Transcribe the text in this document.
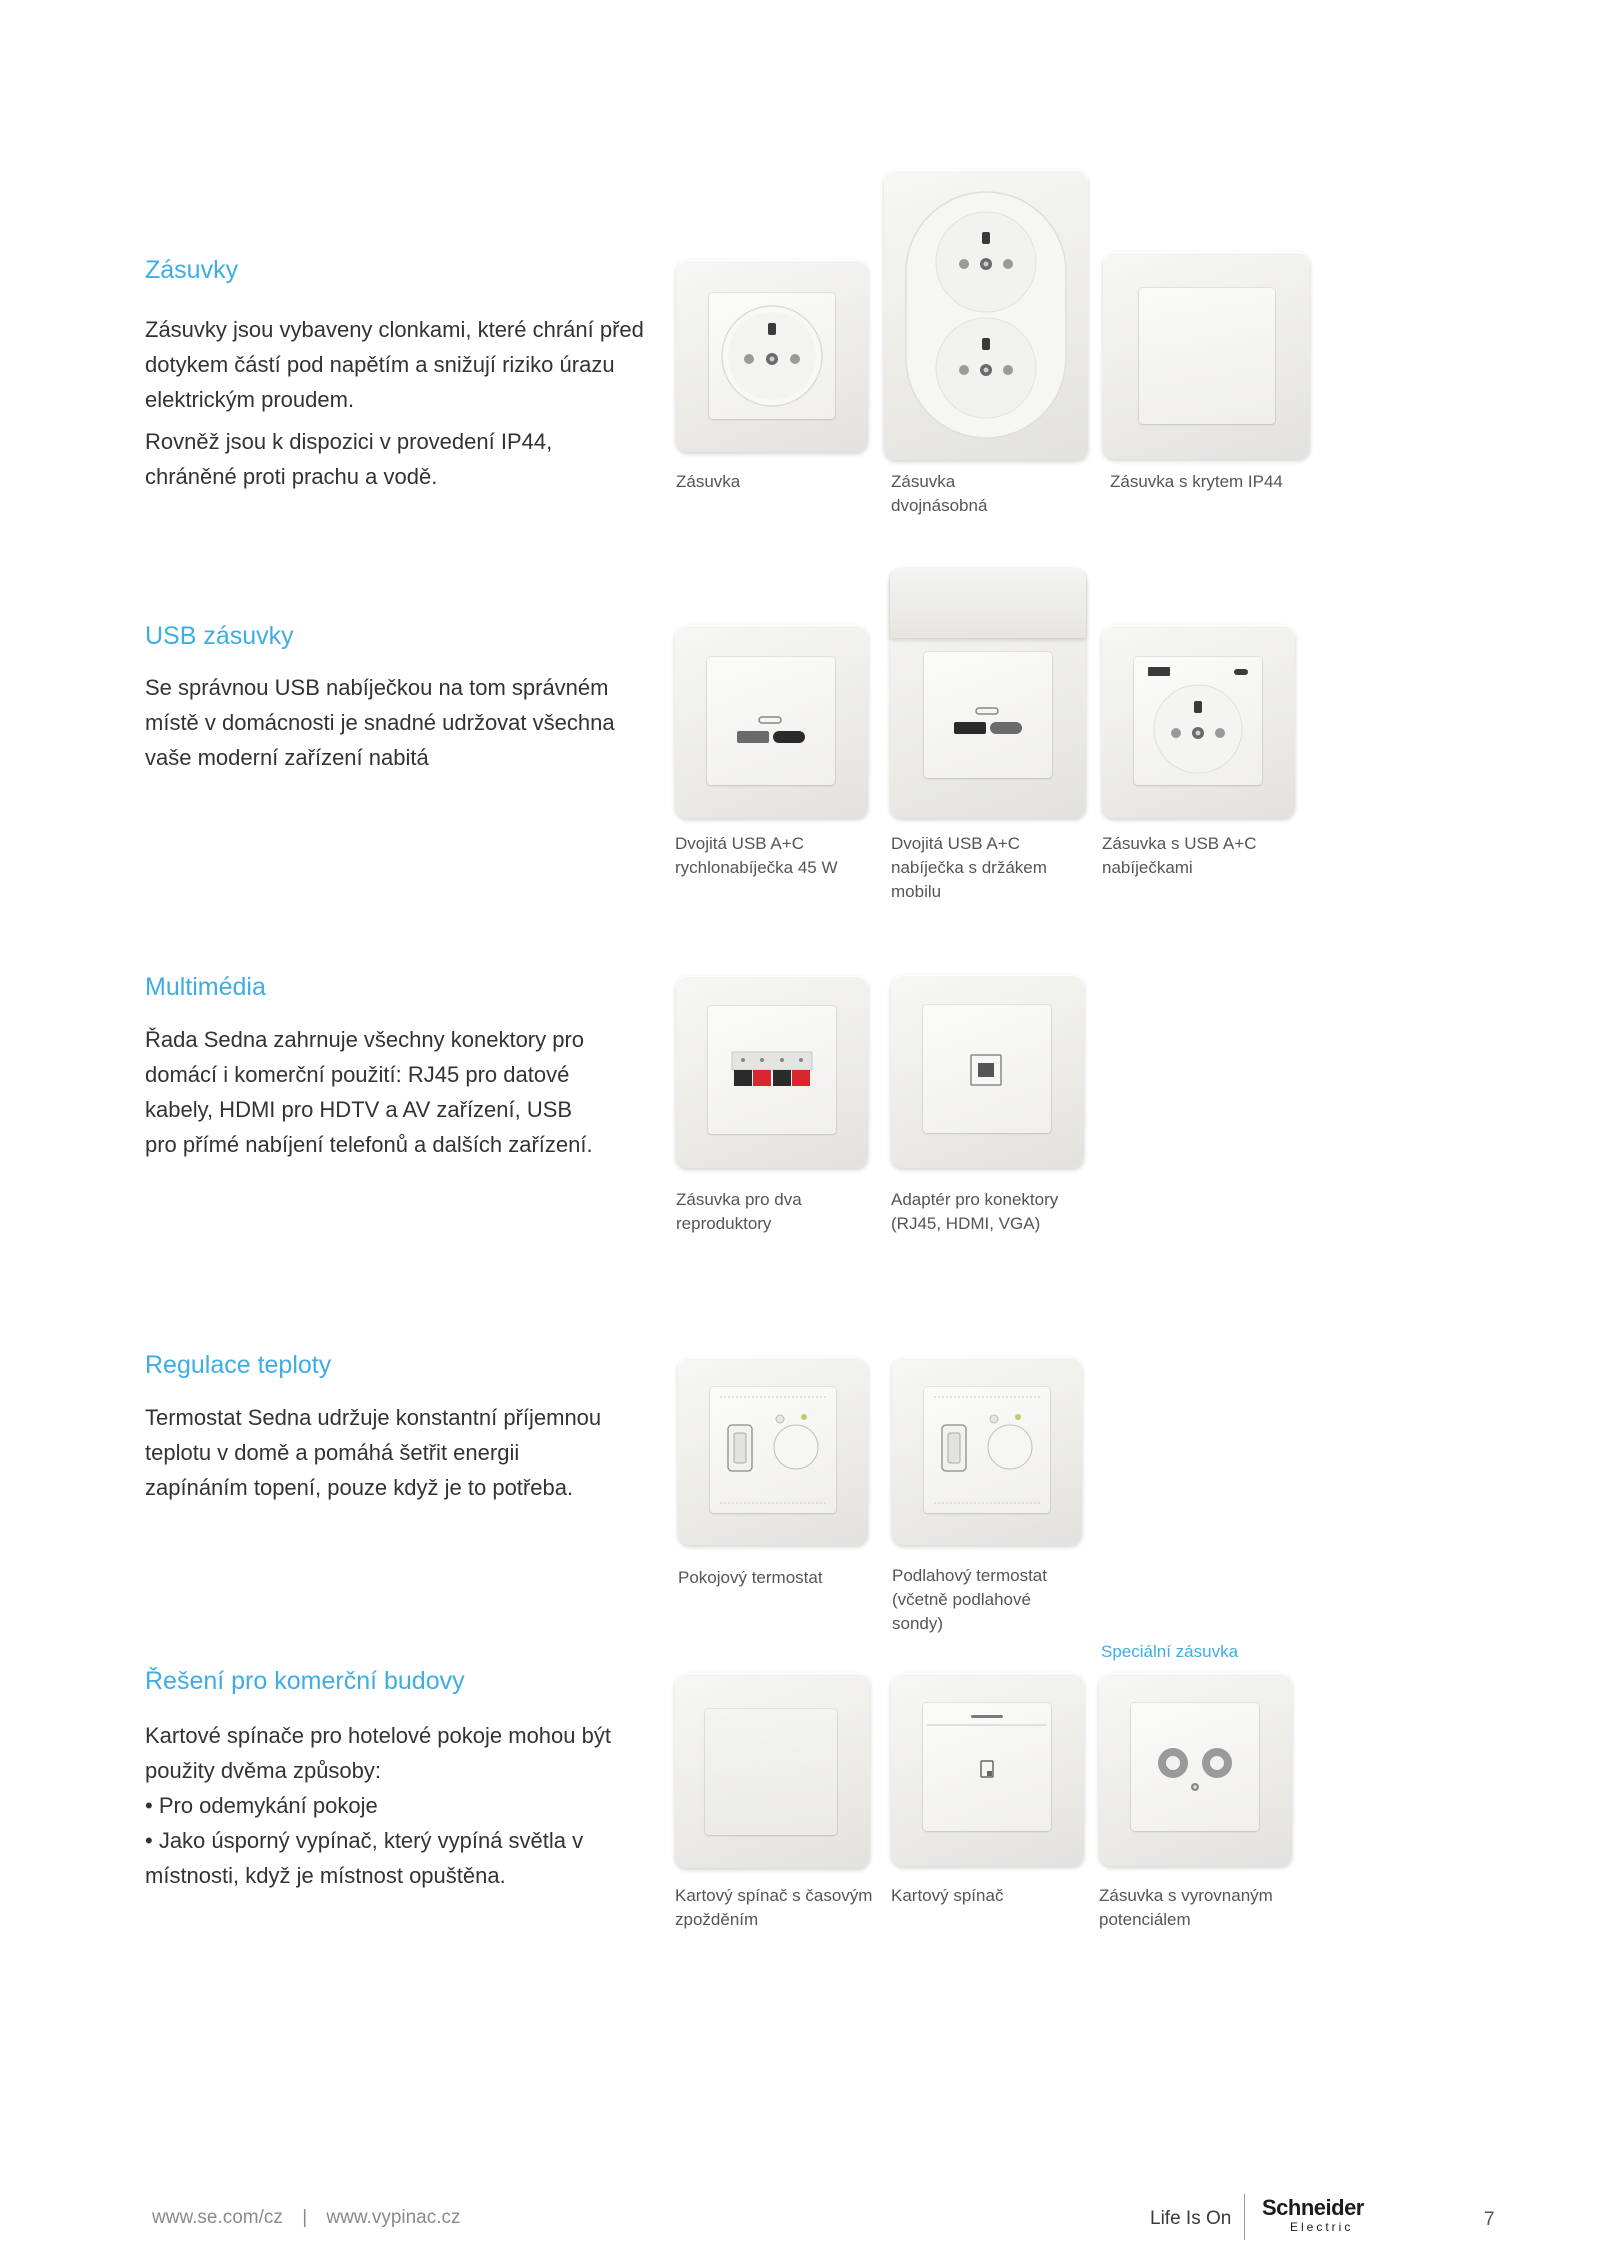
Zásuvky

Zásuvky jsou vybaveny clonkami, které chrání před dotykem částí pod napětím a snižují riziko úrazu elektrickým proudem.

Rovněž jsou k dispozici v provedení IP44, chráněné proti prachu a vodě.	Zásuvka	Zásuvka dvojnásobná

Zásuvka s krytem IP44

USB zásuvky

Se správnou USB nabíječkou na tom správném místě v domácnosti je snadné udržovat všechna vaše moderní zařízení nabitá

Dvojitá USB A+C rychlonabíječka 45 W

Dvojitá USB A+C nabíječka s držákem mobilu

Zásuvka s USB A+C nabíječkami

Multimédia

Řada Sedna zahrnuje všechny konektory pro domácí i komerční použití: RJ45 pro datové kabely, HDMI pro HDTV a AV zařízení, USB pro přímé nabíjení telefonů a dalších zařízení.

Zásuvka pro dva reproduktory

Adaptér pro konektory (RJ45, HDMI, VGA)

Regulace teploty

Termostat Sedna udržuje konstantní příjemnou teplotu v domě a pomáhá šetřit energii zapínáním topení, pouze když je to potřeba.

Pokojový termostat	Podlahový termostat (včetně podlahové sondy)

Speciální zásuvka

Řešení pro komerční budovy

Kartové spínače pro hotelové pokoje mohou být použity dvěma způsoby:

• Pro odemykání pokoje

• Jako úsporný vypínač, který vypíná světla v místnosti, když je místnost opuštěna.

Kartový spínač s časovým zpožděním

Kartový spínač	Zásuvka s vyrovnaným potenciálem

www.se.com/cz | www.vypinac.cz	Life Is On Schneider
Electric	7
